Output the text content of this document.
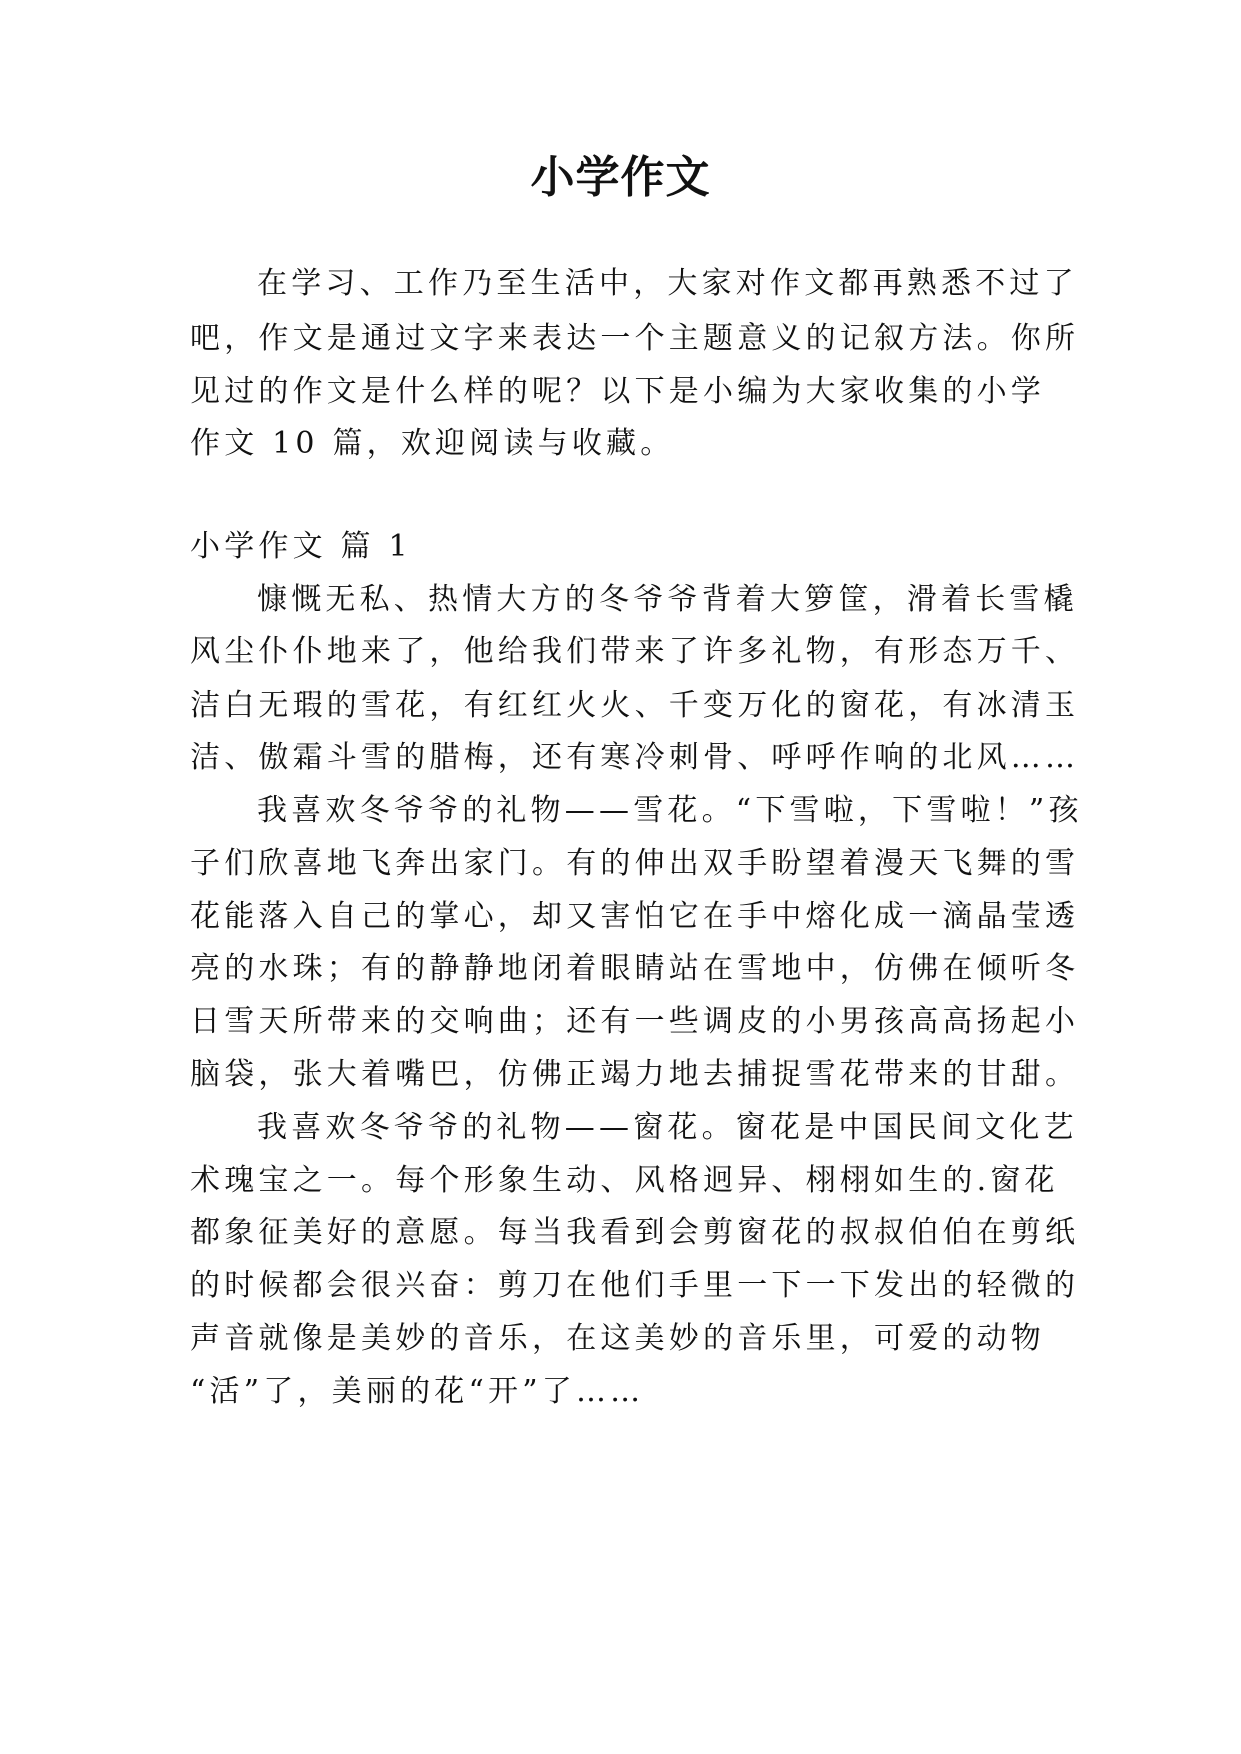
小学作文
在学习、工作乃至生活中，大家对作文都再熟悉不过了
吧，作文是通过文字来表达一个主题意义的记叙方法。你所
见过的作文是什么样的呢？以下是小编为大家收集的小学
作文 10 篇，欢迎阅读与收藏。
小学作文 篇 1
慷慨无私、热情大方的冬爷爷背着大箩筐，滑着长雪橇
风尘仆仆地来了，他给我们带来了许多礼物，有形态万千、
洁白无瑕的雪花，有红红火火、千变万化的窗花，有冰清玉
洁、傲霜斗雪的腊梅，还有寒冷刺骨、呼呼作响的北风……
我喜欢冬爷爷的礼物——雪花。“下雪啦，下雪啦！”孩
子们欣喜地飞奔出家门。有的伸出双手盼望着漫天飞舞的雪
花能落入自己的掌心，却又害怕它在手中熔化成一滴晶莹透
亮的水珠；有的静静地闭着眼睛站在雪地中，仿佛在倾听冬
日雪天所带来的交响曲；还有一些调皮的小男孩高高扬起小
脑袋，张大着嘴巴，仿佛正竭力地去捕捉雪花带来的甘甜。
我喜欢冬爷爷的礼物——窗花。窗花是中国民间文化艺
术瑰宝之一。每个形象生动、风格迥异、栩栩如生的.窗花
都象征美好的意愿。每当我看到会剪窗花的叔叔伯伯在剪纸
的时候都会很兴奋：剪刀在他们手里一下一下发出的轻微的
声音就像是美妙的音乐，在这美妙的音乐里，可爱的动物
“活”了，美丽的花“开”了……
